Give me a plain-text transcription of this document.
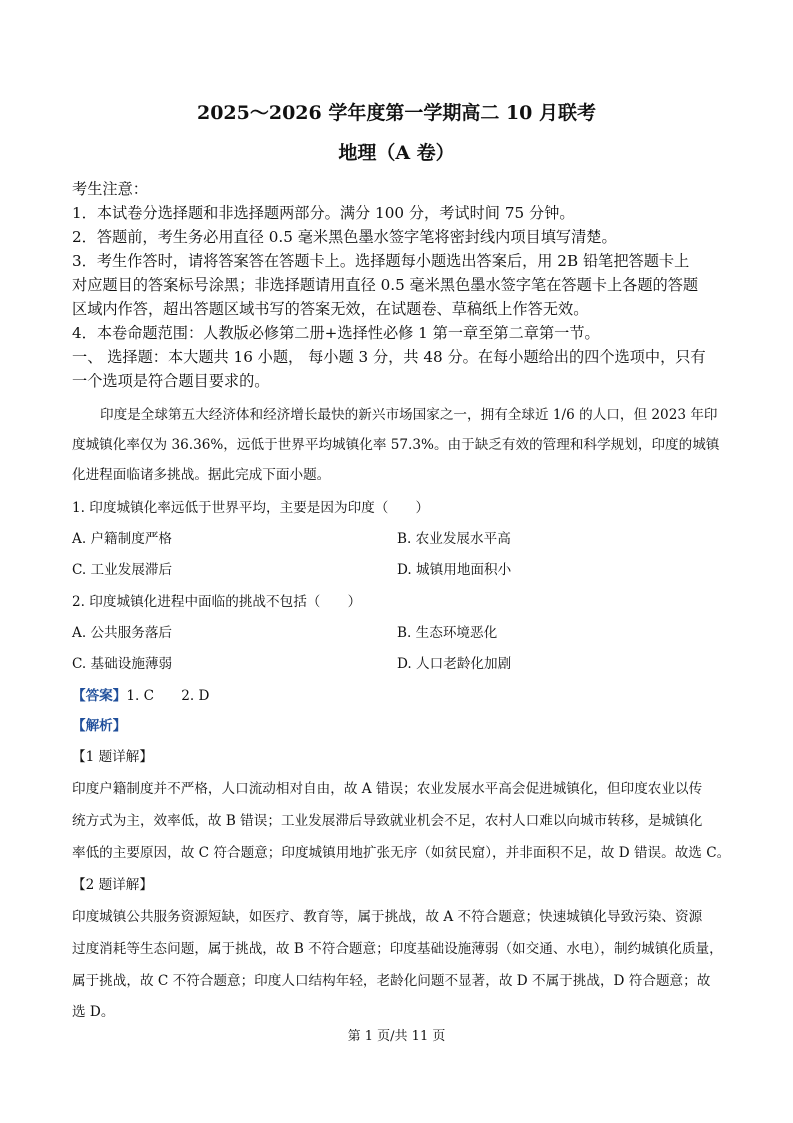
2025～2026 学年度第一学期高二 10 月联考
地理（A 卷）
考生注意：
1．本试卷分选择题和非选择题两部分。满分 100 分，考试时间 75 分钟。
2．答题前，考生务必用直径 0.5 毫米黑色墨水签字笔将密封线内项目填写清楚。
3．考生作答时，请将答案答在答题卡上。选择题每小题选出答案后，用 2B 铅笔把答题卡上
对应题目的答案标号涂黑；非选择题请用直径 0.5 毫米黑色墨水签字笔在答题卡上各题的答题
区域内作答，超出答题区域书写的答案无效，在试题卷、草稿纸上作答无效。
4．本卷命题范围：人教版必修第二册+选择性必修 1 第一章至第二章第一节。
一、 选择题：本大题共 16 小题， 每小题 3 分，共 48 分。在每小题给出的四个选项中，只有
一个选项是符合题目要求的。
印度是全球第五大经济体和经济增长最快的新兴市场国家之一，拥有全球近 1/6 的人口，但 2023 年印
度城镇化率仅为 36.36%，远低于世界平均城镇化率 57.3%。由于缺乏有效的管理和科学规划，印度的城镇
化进程面临诸多挑战。据此完成下面小题。
1. 印度城镇化率远低于世界平均，主要是因为印度（　　）
A. 户籍制度严格	B. 农业发展水平高
C. 工业发展滞后	D. 城镇用地面积小
2. 印度城镇化进程中面临的挑战不包括（　　）
A. 公共服务落后	B. 生态环境恶化
C. 基础设施薄弱	D. 人口老龄化加剧
【答案】1. C　　2. D
【解析】
【1 题详解】
印度户籍制度并不严格，人口流动相对自由，故 A 错误；农业发展水平高会促进城镇化，但印度农业以传
统方式为主，效率低，故 B 错误；工业发展滞后导致就业机会不足，农村人口难以向城市转移，是城镇化
率低的主要原因，故 C 符合题意；印度城镇用地扩张无序（如贫民窟），并非面积不足，故 D 错误。故选 C。
【2 题详解】
印度城镇公共服务资源短缺，如医疗、教育等，属于挑战，故 A 不符合题意；快速城镇化导致污染、资源
过度消耗等生态问题，属于挑战，故 B 不符合题意；印度基础设施薄弱（如交通、水电），制约城镇化质量，
属于挑战，故 C 不符合题意；印度人口结构年轻，老龄化问题不显著，故 D 不属于挑战，D 符合题意；故
选 D。
第 1 页/共 11 页
